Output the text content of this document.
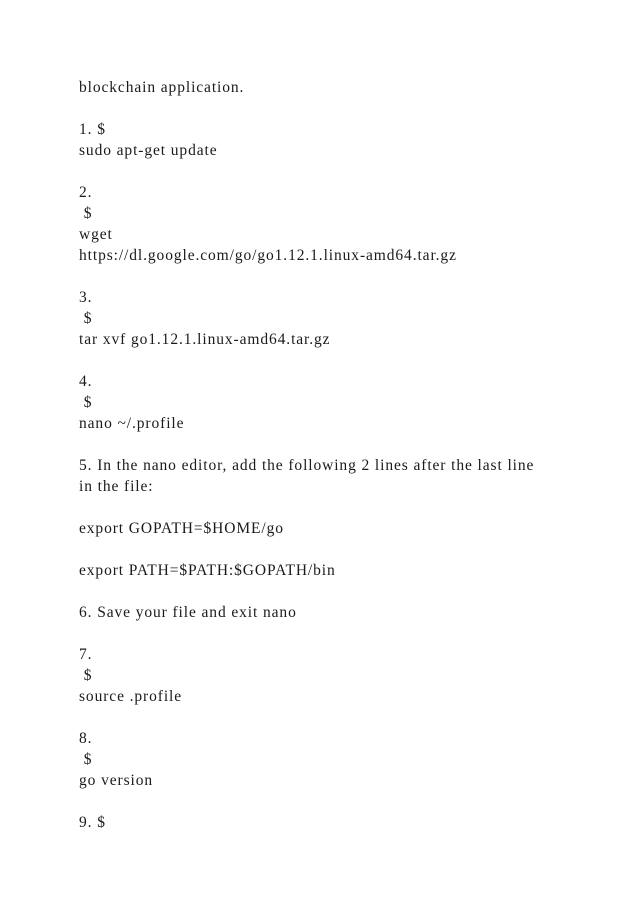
blockchain application.
1. $
sudo apt-get update
2.
$
wget
https://dl.google.com/go/go1.12.1.linux-amd64.tar.gz
3.
$
tar xvf go1.12.1.linux-amd64.tar.gz
4.
$
nano ~/.profile
5. In the nano editor, add the following 2 lines after the last line
in the file:
export GOPATH=$HOME/go
export PATH=$PATH:$GOPATH/bin
6. Save your file and exit nano
7.
$
source .profile
8.
$
go version
9. $
